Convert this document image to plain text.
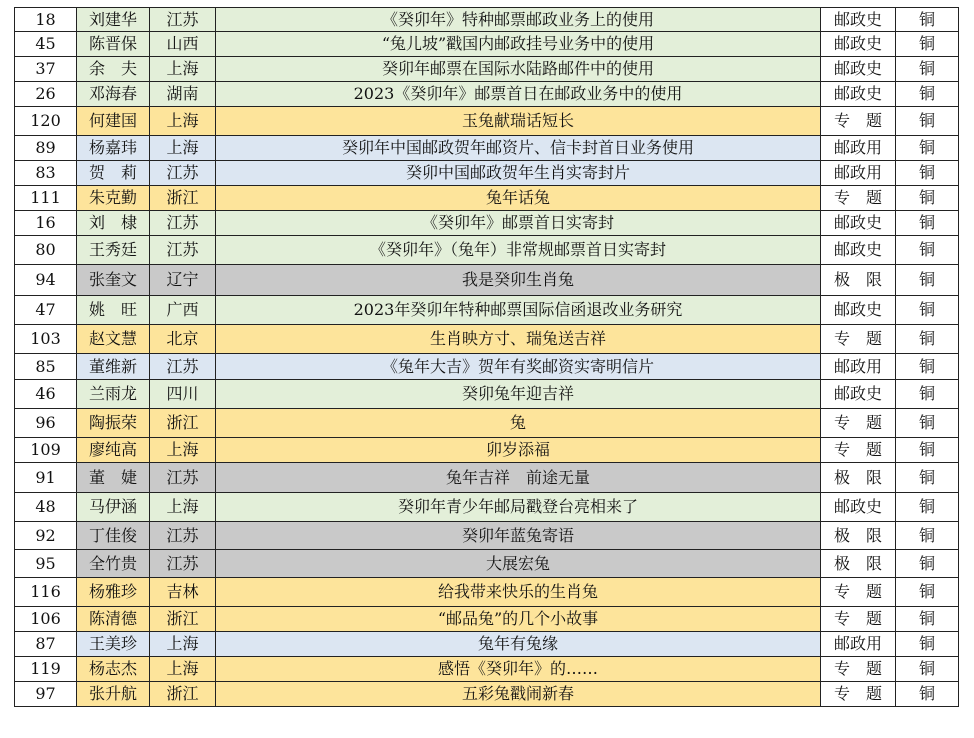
18	刘建华	江苏	《癸卯年》特种邮票邮政业务上的使用	邮政史	铜
45	陈晋保	山西	“兔儿坡”戳国内邮政挂号业务中的使用	邮政史	铜
37	余　夫	上海	癸卯年邮票在国际水陆路邮件中的使用	邮政史	铜
26	邓海春	湖南	2023《癸卯年》邮票首日在邮政业务中的使用	邮政史	铜
120	何建国	上海	玉兔献瑞话短长	专　题	铜
89	杨嘉玮	上海	癸卯年中国邮政贺年邮资片、信卡封首日业务使用	邮政用	铜
83	贺　莉	江苏	癸卯中国邮政贺年生肖实寄封片	邮政用	铜
111	朱克勤	浙江	兔年话兔	专　题	铜
16	刘　棣	江苏	《癸卯年》邮票首日实寄封	邮政史	铜
80	王秀廷	江苏	《癸卯年》（兔年）非常规邮票首日实寄封	邮政史	铜
94	张奎文	辽宁	我是癸卯生肖兔	极　限	铜
47	姚　旺	广西	2023年癸卯年特种邮票国际信函退改业务研究	邮政史	铜
103	赵文慧	北京	生肖映方寸、瑞兔送吉祥	专　题	铜
85	董维新	江苏	《兔年大吉》贺年有奖邮资实寄明信片	邮政用	铜
46	兰雨龙	四川	癸卯兔年迎吉祥	邮政史	铜
96	陶振荣	浙江	兔	专　题	铜
109	廖纯高	上海	卯岁添福	专　题	铜
91	董　婕	江苏	兔年吉祥　前途无量	极　限	铜
48	马伊涵	上海	癸卯年青少年邮局戳登台亮相来了	邮政史	铜
92	丁佳俊	江苏	癸卯年蓝兔寄语	极　限	铜
95	全竹贵	江苏	大展宏兔	极　限	铜
116	杨雅珍	吉林	给我带来快乐的生肖兔	专　题	铜
106	陈清德	浙江	“邮品兔”的几个小故事	专　题	铜
87	王美珍	上海	兔年有兔缘	邮政用	铜
119	杨志杰	上海	感悟《癸卯年》的……	专　题	铜
97	张升航	浙江	五彩兔戳闹新春	专　题	铜
